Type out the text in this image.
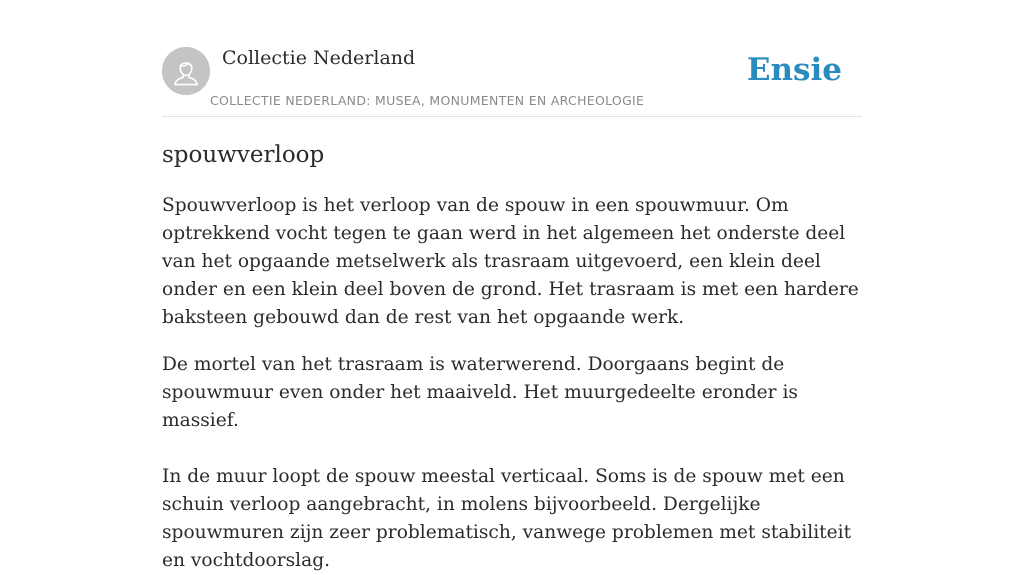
Collectie Nederland
COLLECTIE NEDERLAND: MUSEA, MONUMENTEN EN ARCHEOLOGIE
Ensie
spouwverloop

Spouwverloop is het verloop van de spouw in een spouwmuur. Om optrekkend vocht tegen te gaan werd in het algemeen het onderste deel van het opgaande metselwerk als trasraam uitgevoerd, een klein deel onder en een klein deel boven de grond. Het trasraam is met een hardere baksteen gebouwd dan de rest van het opgaande werk.

De mortel van het trasraam is waterwerend. Doorgaans begint de spouwmuur even onder het maaiveld. Het muurgedeelte eronder is massief.

In de muur loopt de spouw meestal verticaal. Soms is de spouw met een schuin verloop aangebracht, in molens bijvoorbeeld. Dergelijke spouwmuren zijn zeer problematisch, vanwege problemen met stabiliteit en vochtdoorslag.
